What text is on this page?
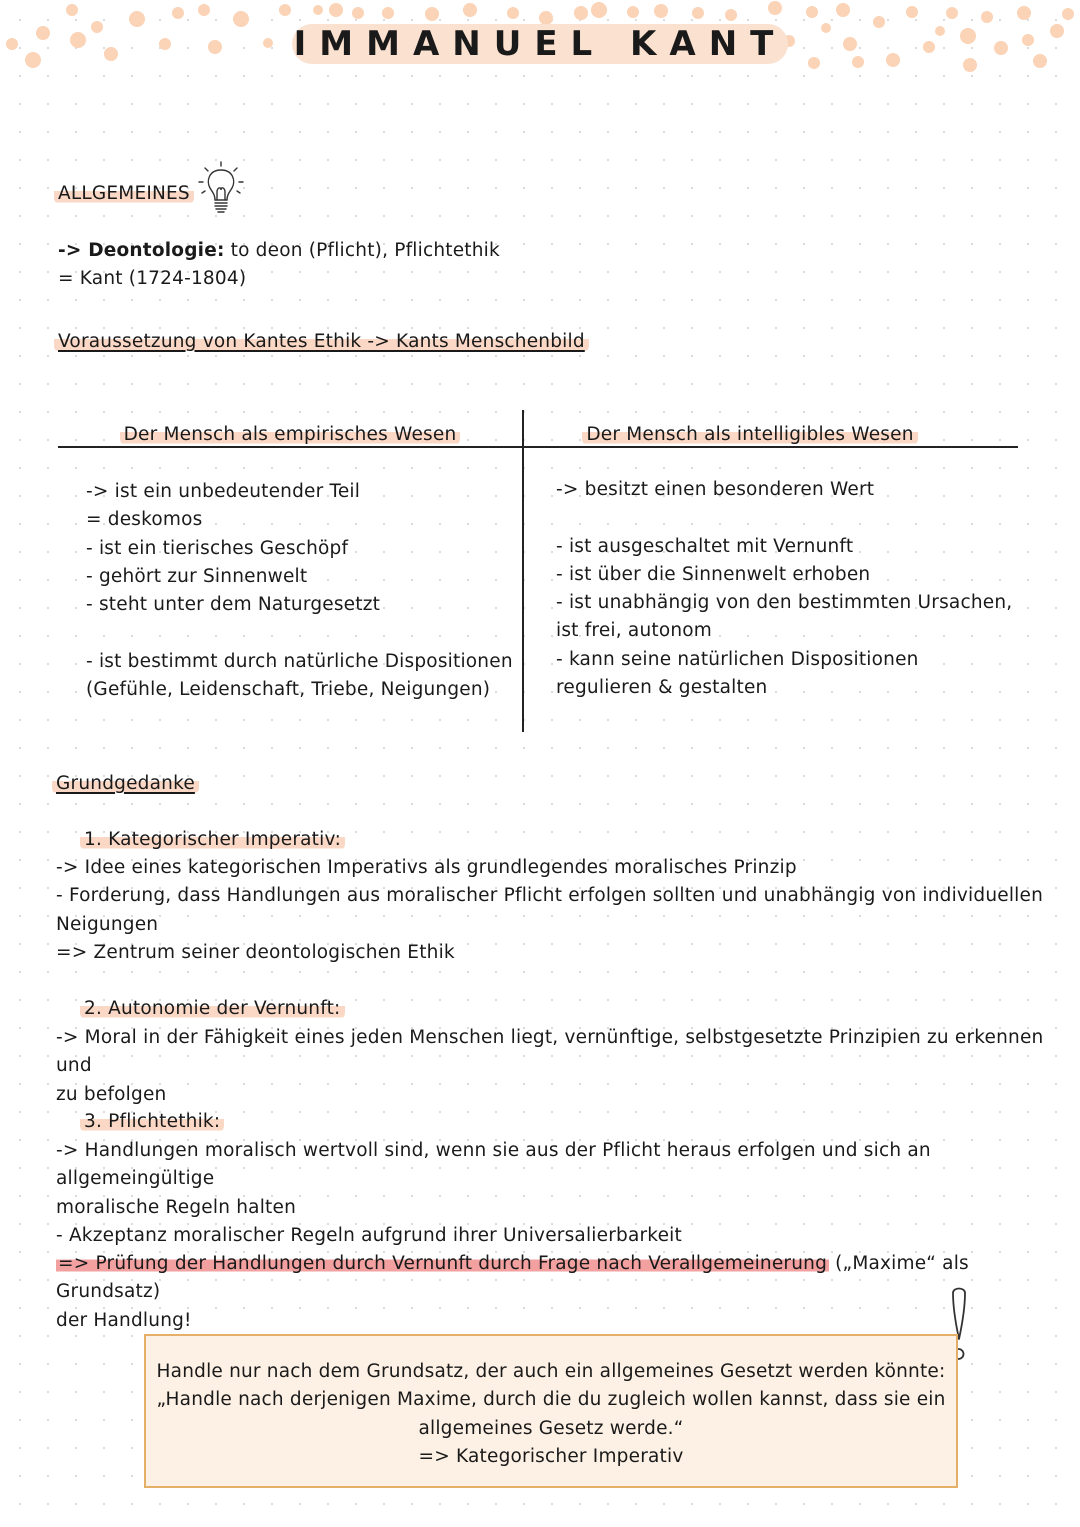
IMMANUEL KANT
ALLGEMEINES
-> Deontologie: to deon (Pflicht), Pflichtethik
= Kant (1724-1804)
Voraussetzung von Kantes Ethik -> Kants Menschenbild
Der Mensch als empirisches Wesen	Der Mensch als intelligibles Wesen
-> ist ein unbedeutender Teil
= deskomos
- ist ein tierisches Geschöpf
- gehört zur Sinnenwelt
- steht unter dem Naturgesetzt
- ist bestimmt durch natürliche Dispositionen
(Gefühle, Leidenschaft, Triebe, Neigungen)
-> besitzt einen besonderen Wert
- ist ausgeschaltet mit Vernunft
- ist über die Sinnenwelt erhoben
- ist unabhängig von den bestimmten Ursachen,
ist frei, autonom
- kann seine natürlichen Dispositionen
regulieren & gestalten
Grundgedanke
1. Kategorischer Imperativ:
-> Idee eines kategorischen Imperativs als grundlegendes moralisches Prinzip
- Forderung, dass Handlungen aus moralischer Pflicht erfolgen sollten und unabhängig von individuellen
Neigungen
=> Zentrum seiner deontologischen Ethik
2. Autonomie der Vernunft:
-> Moral in der Fähigkeit eines jeden Menschen liegt, vernünftige, selbstgesetzte Prinzipien zu erkennen und
zu befolgen
3. Pflichtethik:
-> Handlungen moralisch wertvoll sind, wenn sie aus der Pflicht heraus erfolgen und sich an allgemeingültige
moralische Regeln halten
- Akzeptanz moralischer Regeln aufgrund ihrer Universalierbarkeit
=> Prüfung der Handlungen durch Vernunft durch Frage nach Verallgemeinerung („Maxime“ als Grundsatz)
der Handlung!
Handle nur nach dem Grundsatz, der auch ein allgemeines Gesetzt werden könnte:
„Handle nach derjenigen Maxime, durch die du zugleich wollen kannst, dass sie ein
allgemeines Gesetz werde.“
=> Kategorischer Imperativ
